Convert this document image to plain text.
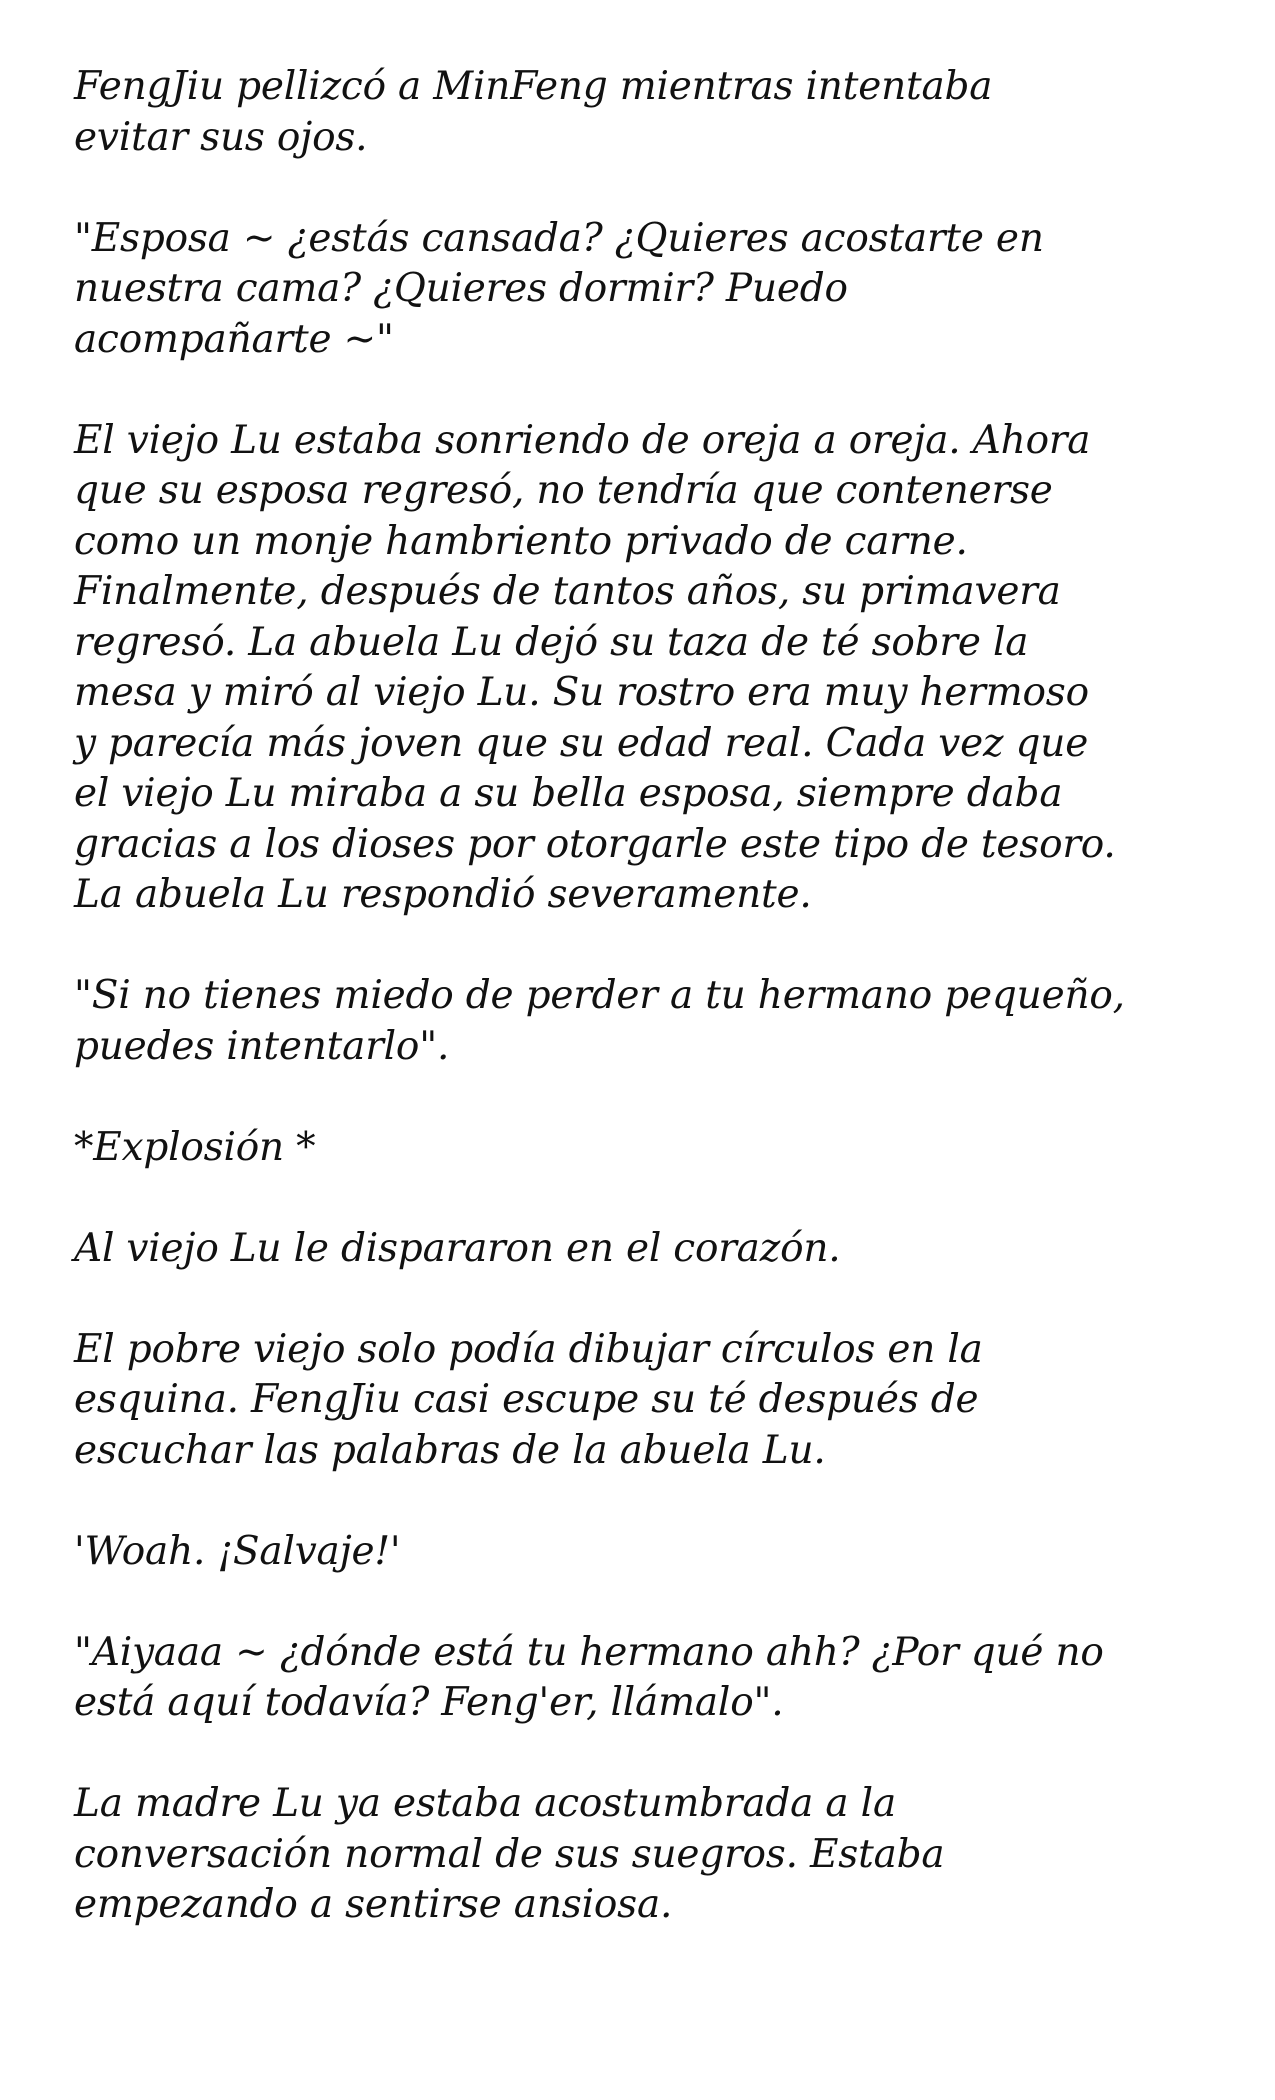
FengJiu pellizcó a MinFeng mientras intentaba
evitar sus ojos.

"Esposa ~ ¿estás cansada? ¿Quieres acostarte en
nuestra cama? ¿Quieres dormir? Puedo
acompañarte ~"

El viejo Lu estaba sonriendo de oreja a oreja. Ahora
que su esposa regresó, no tendría que contenerse
como un monje hambriento privado de carne.
Finalmente, después de tantos años, su primavera
regresó. La abuela Lu dejó su taza de té sobre la
mesa y miró al viejo Lu. Su rostro era muy hermoso
y parecía más joven que su edad real. Cada vez que
el viejo Lu miraba a su bella esposa, siempre daba
gracias a los dioses por otorgarle este tipo de tesoro.
La abuela Lu respondió severamente.

"Si no tienes miedo de perder a tu hermano pequeño,
puedes intentarlo".

*Explosión *

Al viejo Lu le dispararon en el corazón.

El pobre viejo solo podía dibujar círculos en la
esquina. FengJiu casi escupe su té después de
escuchar las palabras de la abuela Lu.

'Woah. ¡Salvaje!'

"Aiyaaa ~ ¿dónde está tu hermano ahh? ¿Por qué no
está aquí todavía? Feng'er, llámalo".

La madre Lu ya estaba acostumbrada a la
conversación normal de sus suegros. Estaba
empezando a sentirse ansiosa.
